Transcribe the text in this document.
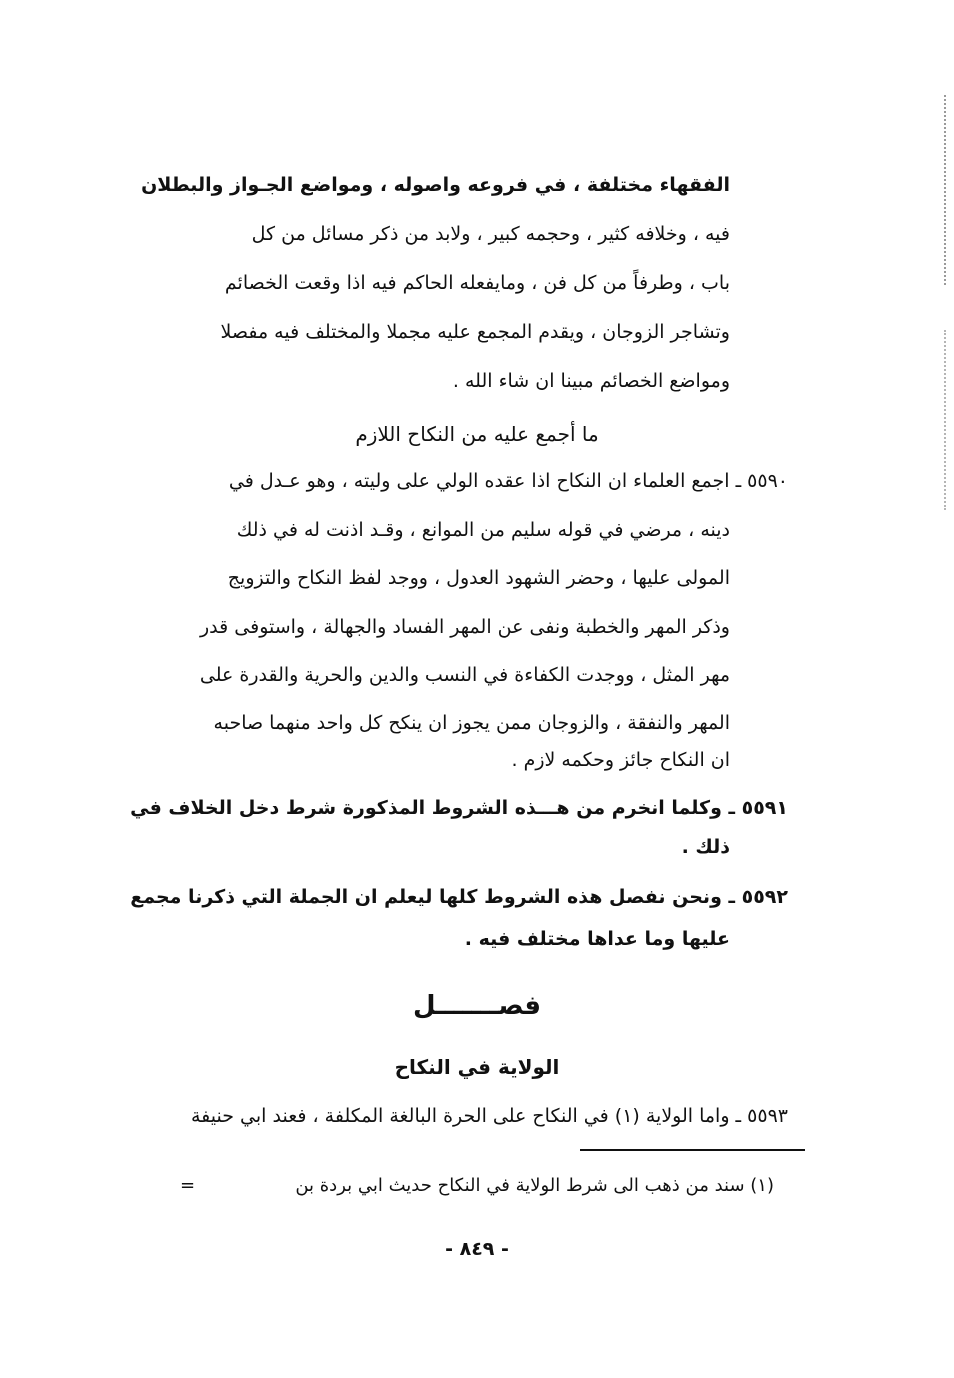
الفقهاء مختلفة ، في فروعه واصوله ، ومواضع الجـواز والبطلان
فيه ، وخلافه كثير ، وحجمه كبير ، ولابد من ذكر مسائل من كل
باب ، وطرفاً من كل فن ، ومايفعله الحاكم فيه اذا وقعت الخصائم
وتشاجر الزوجان ، ويقدم المجمع عليه مجملا والمختلف فيه مفصلا
ومواضع الخصائم مبينا ان شاء الله .
ما أجمع عليه من النكاح اللازم
٥٥٩٠ ـ اجمع العلماء ان النكاح اذا عقده الولي على وليته ، وهو عـدل في
دينه ، مرضي في قوله سليم من الموانع ، وقـد اذنت له في ذلك
المولى عليها ، وحضر الشهود العدول ، ووجد لفظ النكاح والتزويج
وذكر المهر والخطبة ونفى عن المهر الفساد والجهالة ، واستوفى قدر
مهر المثل ، ووجدت الكفاءة في النسب والدين والحرية والقدرة على
المهر والنفقة ، والزوجان ممن يجوز ان ينكح كل واحد منهما صاحبه
ان النكاح جائز وحكمه لازم .
٥٥٩١ ـ وكلما انخرم من هـــذه الشروط المذكورة شرط دخل الخلاف في
ذلك .
٥٥٩٢ ـ ونحن نفصل هذه الشروط كلها ليعلم ان الجملة التي ذكرنا مجمع
عليها وما عداها مختلف فيه .
فصـــــــل
الولاية في النكاح
٥٥٩٣ ـ واما الولاية (١) في النكاح على الحرة البالغة المكلفة ، فعند ابي حنيفة
(١) سند من ذهب الى شرط الولاية في النكاح حديث ابي بردة بن
=
- ٨٤٩ -
